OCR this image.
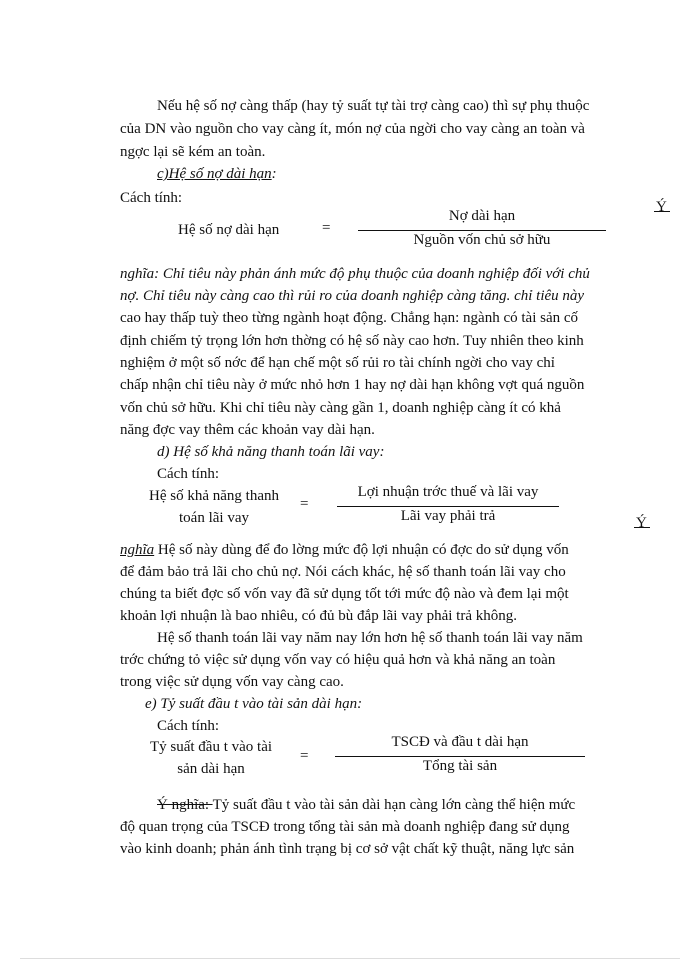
Nếu hệ số nợ càng thấp (hay tỷ suất tự tài trợ càng cao) thì sự phụ thuộc
của DN vào nguồn cho vay càng ít, món nợ của ngời cho vay càng an toàn và
ngợc lại sẽ kém an toàn.
c)Hệ số nợ dài hạn:
Cách tính:
Hệ số nợ dài hạn	=
Nợ dài hạn
Nguồn vốn chủ sở hữu
Ý
nghĩa: Chỉ tiêu này phản ánh mức độ phụ thuộc của doanh nghiệp đối với chủ
nợ. Chỉ tiêu này càng cao thì rủi ro của doanh nghiệp càng tăng. chỉ tiêu này
cao hay thấp tuỳ theo từng ngành hoạt động. Chẳng hạn: ngành có tài sản cố
định chiếm tỷ trọng lớn hơn thờng có hệ số này cao hơn. Tuy nhiên theo kinh
nghiệm ở một số nớc để hạn chế một số rủi ro tài chính ngời cho vay chỉ
chấp nhận chỉ tiêu này ở mức nhỏ hơn 1 hay nợ dài hạn không vợt quá nguồn
vốn chủ sở hữu. Khi chỉ tiêu này càng gần 1, doanh nghiệp càng ít có khả
năng đợc vay thêm các khoản vay dài hạn.
d) Hệ số khả năng thanh toán lãi vay:
Cách tính:
Hệ số khả năng thanh
toán lãi vay
=
Lợi nhuận trớc thuế và lãi vay
Lãi vay phải trả	Ý
nghĩa Hệ số này dùng để đo lờng mức độ lợi nhuận có đợc do sử dụng vốn
để đảm bảo trả lãi cho chủ nợ. Nói cách khác, hệ số thanh toán lãi vay cho
chúng ta biết đợc số vốn vay đã sử dụng tốt tới mức độ nào và đem lại một
khoản lợi nhuận là bao nhiêu, có đủ bù đắp lãi vay phải trả không.
Hệ số thanh toán lãi vay năm nay lớn hơn hệ số thanh toán lãi vay năm
trớc chứng tỏ việc sử dụng vốn vay có hiệu quả hơn và khả năng an toàn
trong việc sử dụng vốn vay càng cao.
e) Tỷ suất đầu t vào tài sản dài hạn:
Cách tính:
Tỷ suất đầu t vào tài
sản dài hạn
=
TSCĐ và đầu t dài hạn
Tổng tài sản
Ý nghĩa: Tỷ suất đầu t vào tài sản dài hạn càng lớn càng thể hiện mức
độ quan trọng của TSCĐ trong tổng tài sản mà doanh nghiệp đang sử dụng
vào kinh doanh; phản ánh tình trạng bị cơ sở vật chất kỹ thuật, năng lực sản
